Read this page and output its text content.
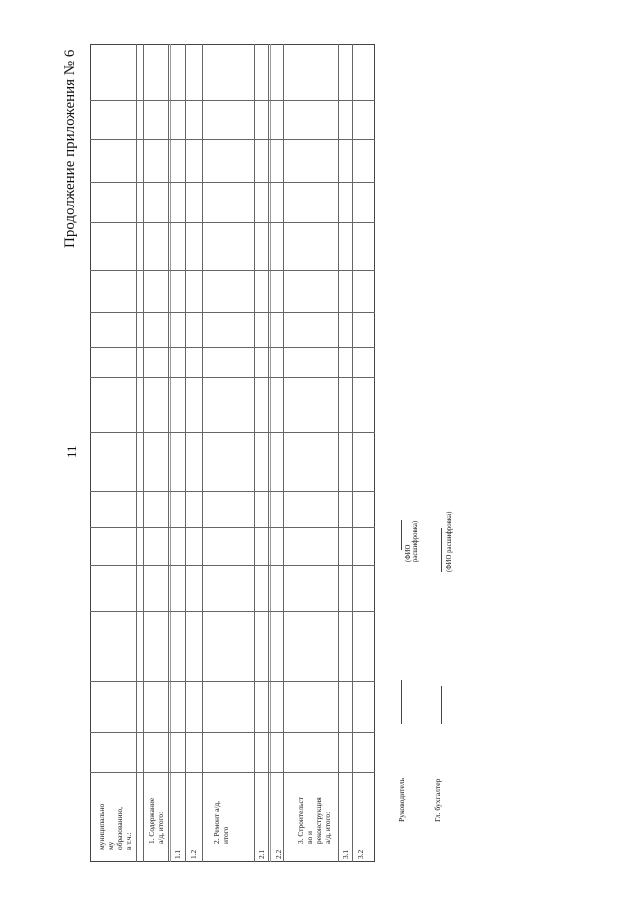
Продолжение приложения № 6
11
муниципально
му
образованию,
в т.ч.: 1. Содержание
а/д, итого:
1.1 1.2
2. Ремонт а/д,
итого
2.1 2.2
3. Строительст
во и
реконструкция
а/д, итого:
3.1 3.2
Руководитель
(ФИО
расшифровка)
Гл. бухгалтер
(ФИО расшифровка)
